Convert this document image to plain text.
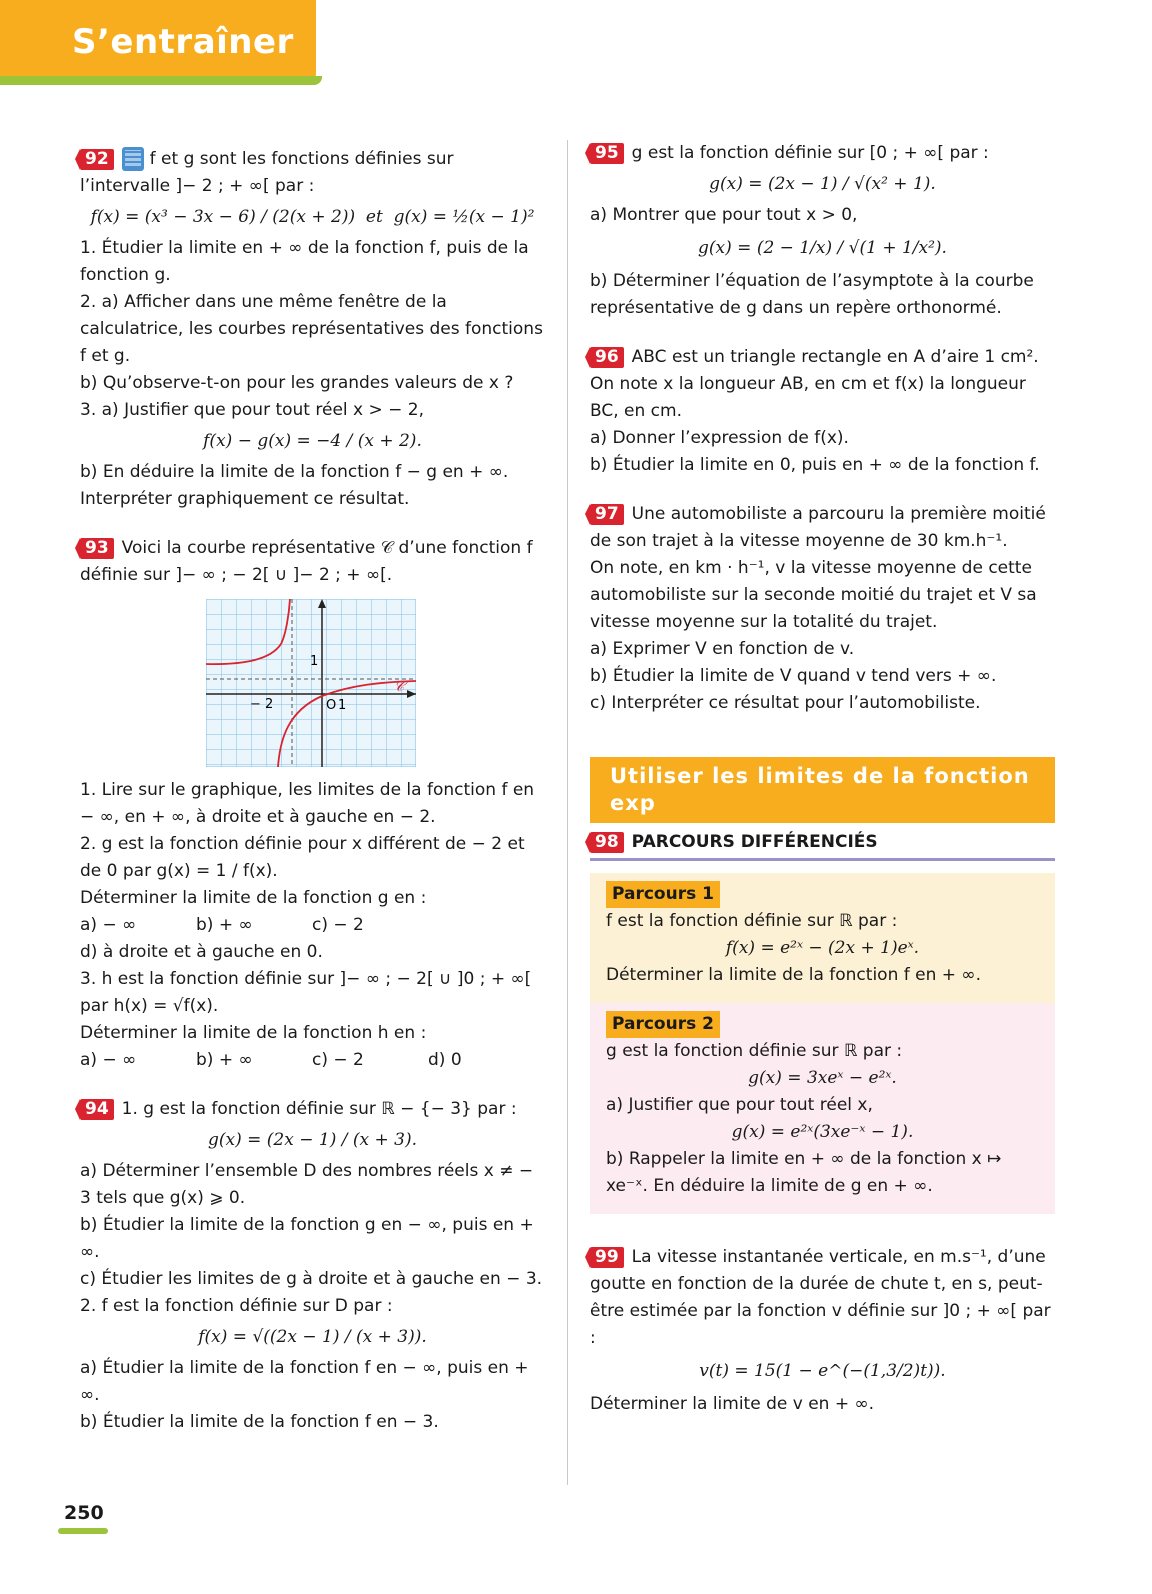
S’entraîner

92 f et g sont les fonctions définies sur l’intervalle ]− 2 ; + ∞[ par :

f(x) = (x³ − 3x − 6) / (2(x + 2))  et  g(x) = ½(x − 1)²

1. Étudier la limite en + ∞ de la fonction f, puis de la fonction g.

2. a) Afficher dans une même fenêtre de la calculatrice, les courbes représentatives des fonctions f et g.

b) Qu’observe-t-on pour les grandes valeurs de x ?

3. a) Justifier que pour tout réel x > − 2,

f(x) − g(x) = −4 / (x + 2).

b) En déduire la limite de la fonction f − g en + ∞. Interpréter graphiquement ce résultat.

93 Voici la courbe représentative 𝒞 d’une fonction f définie sur ]− ∞ ; − 2[ ∪ ]− 2 ; + ∞[.

1
− 2	O 1
𝒞

1. Lire sur le graphique, les limites de la fonction f en − ∞, en + ∞, à droite et à gauche en − 2.

2. g est la fonction définie pour x différent de − 2 et de 0 par g(x) = 1 / f(x).

Déterminer la limite de la fonction g en :

a) − ∞	b) + ∞	c) − 2

d) à droite et à gauche en 0.

3. h est la fonction définie sur ]− ∞ ; − 2[ ∪ ]0 ; + ∞[ par h(x) = √f(x).

Déterminer la limite de la fonction h en :

a) − ∞	b) + ∞	c) − 2	d) 0

94 1. g est la fonction définie sur ℝ − {− 3} par :

g(x) = (2x − 1) / (x + 3).

a) Déterminer l’ensemble D des nombres réels x ≠ − 3 tels que g(x) ⩾ 0.

b) Étudier la limite de la fonction g en − ∞, puis en + ∞.

c) Étudier les limites de g à droite et à gauche en − 3.

2. f est la fonction définie sur D par :

f(x) = √((2x − 1) / (x + 3)).

a) Étudier la limite de la fonction f en − ∞, puis en + ∞.

b) Étudier la limite de la fonction f en − 3.

95 g est la fonction définie sur [0 ; + ∞[ par :

g(x) = (2x − 1) / √(x² + 1).

a) Montrer que pour tout x > 0,

g(x) = (2 − 1/x) / √(1 + 1/x²).

b) Déterminer l’équation de l’asymptote à la courbe représentative de g dans un repère orthonormé.

96 ABC est un triangle rectangle en A d’aire 1 cm². On note x la longueur AB, en cm et f(x) la longueur BC, en cm.

a) Donner l’expression de f(x).

b) Étudier la limite en 0, puis en + ∞ de la fonction f.

97 Une automobiliste a parcouru la première moitié de son trajet à la vitesse moyenne de 30 km.h⁻¹.

On note, en km · h⁻¹, v la vitesse moyenne de cette automobiliste sur la seconde moitié du trajet et V sa vitesse moyenne sur la totalité du trajet.

a) Exprimer V en fonction de v.

b) Étudier la limite de V quand v tend vers + ∞.

c) Interpréter ce résultat pour l’automobiliste.

Utiliser les limites de la fonction exp
98 PARCOURS DIFFÉRENCIÉS

Parcours 1

f est la fonction définie sur ℝ par :

f(x) = e²ˣ − (2x + 1)eˣ.

Déterminer la limite de la fonction f en + ∞.

Parcours 2

g est la fonction définie sur ℝ par :

g(x) = 3xeˣ − e²ˣ.

a) Justifier que pour tout réel x,

g(x) = e²ˣ(3xe⁻ˣ − 1).

b) Rappeler la limite en + ∞ de la fonction x ↦ xe⁻ˣ. En déduire la limite de g en + ∞.

99 La vitesse instantanée verticale, en m.s⁻¹, d’une goutte en fonction de la durée de chute t, en s, peut-être estimée par la fonction v définie sur ]0 ; + ∞[ par :

v(t) = 15(1 − e^(−(1,3/2)t)).

Déterminer la limite de v en + ∞.

250
